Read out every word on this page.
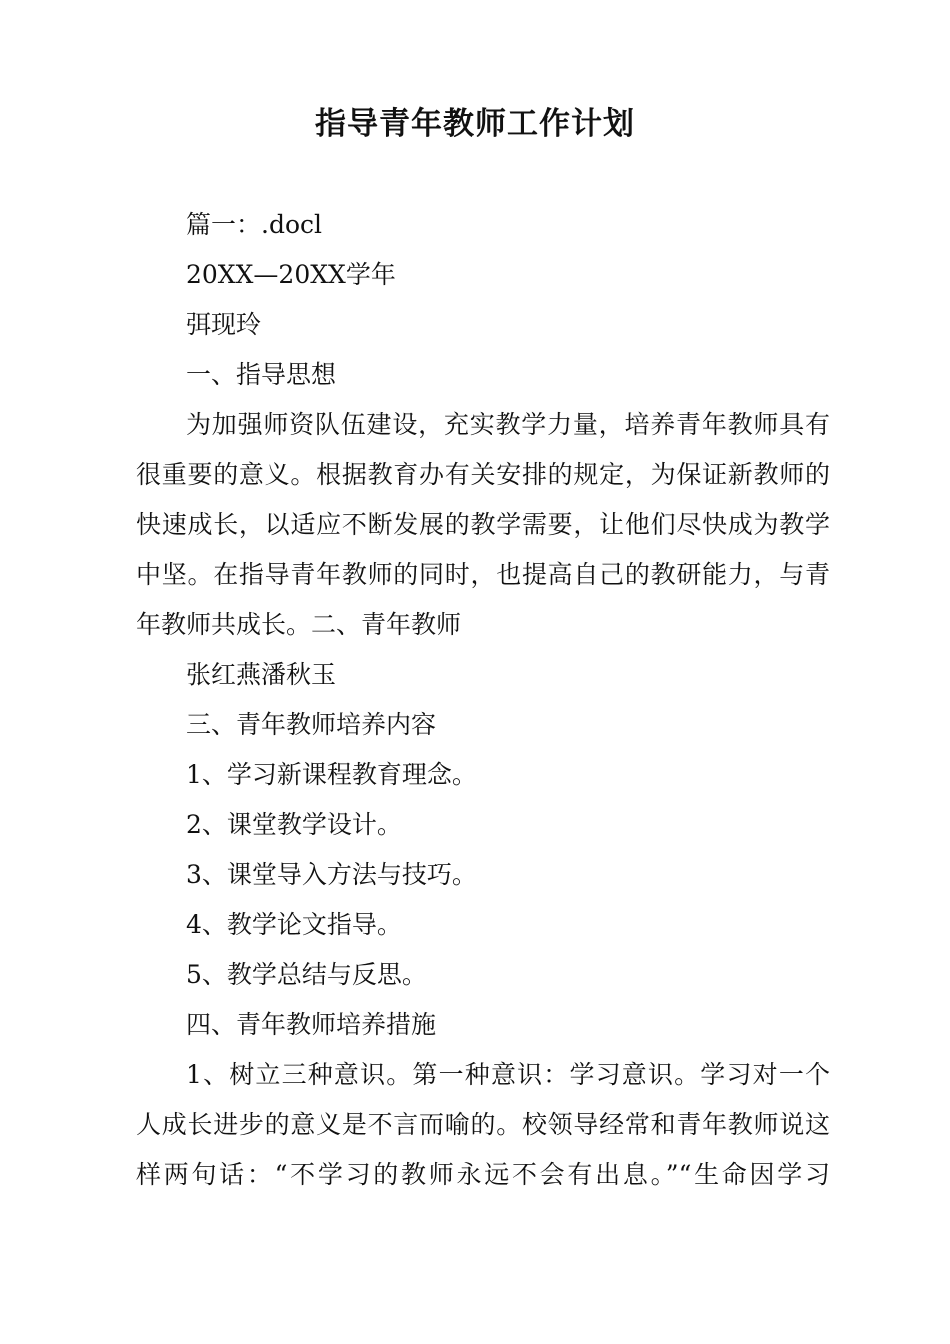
指导青年教师工作计划

篇一：.docl

20XX—20XX学年

弭现玲

一、指导思想

为加强师资队伍建设，充实教学力量，培养青年教师具有

很重要的意义。根据教育办有关安排的规定，为保证新教师的

快速成长，以适应不断发展的教学需要，让他们尽快成为教学

中坚。在指导青年教师的同时，也提高自己的教研能力，与青

年教师共成长。二、青年教师

张红燕潘秋玉

三、青年教师培养内容

1、学习新课程教育理念。

2、课堂教学设计。

3、课堂导入方法与技巧。

4、教学论文指导。

5、教学总结与反思。

四、青年教师培养措施

1、树立三种意识。第一种意识：学习意识。学习对一个

人成长进步的意义是不言而喻的。校领导经常和青年教师说这

样两句话：“不学习的教师永远不会有出息。”“生命因学习
